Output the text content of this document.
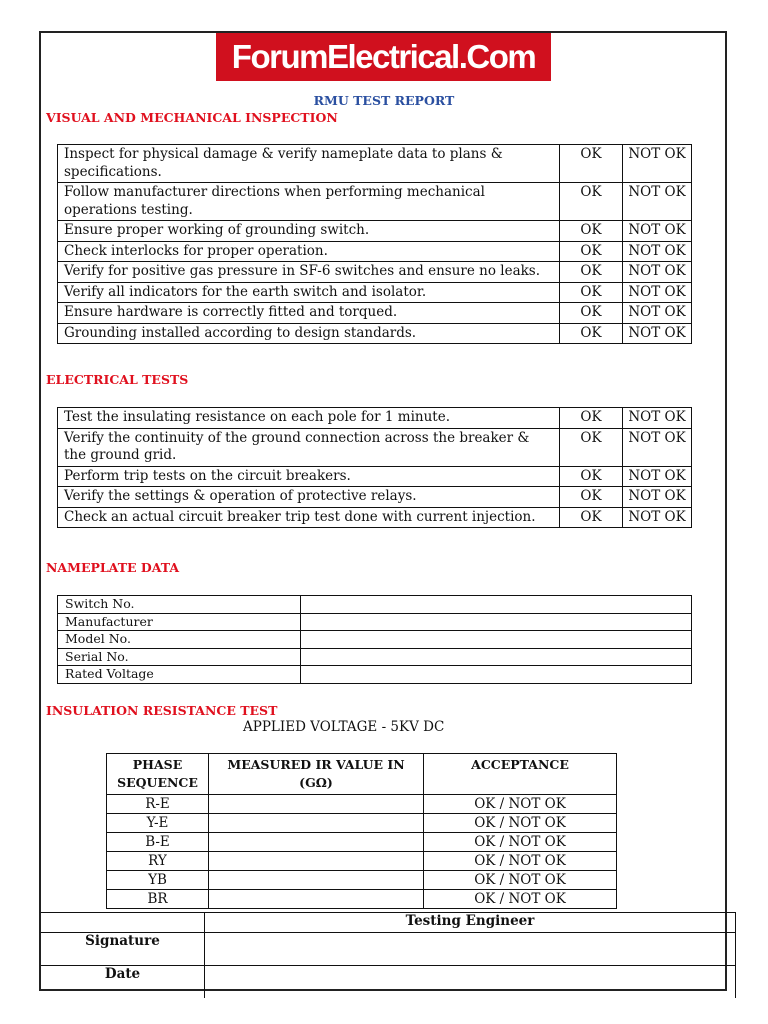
ForumElectrical.Com
RMU TEST REPORT
VISUAL AND MECHANICAL INSPECTION
Inspect for physical damage & verify nameplate data to plans & specifications.	OK	NOT OK
Follow manufacturer directions when performing mechanical operations testing.	OK	NOT OK
Ensure proper working of grounding switch.	OK	NOT OK
Check interlocks for proper operation.	OK	NOT OK
Verify for positive gas pressure in SF-6 switches and ensure no leaks.	OK	NOT OK
Verify all indicators for the earth switch and isolator.	OK	NOT OK
Ensure hardware is correctly fitted and torqued.	OK	NOT OK
Grounding installed according to design standards.	OK	NOT OK
ELECTRICAL TESTS
Test the insulating resistance on each pole for 1 minute.	OK	NOT OK
Verify the continuity of the ground connection across the breaker & the ground grid.	OK	NOT OK
Perform trip tests on the circuit breakers.	OK	NOT OK
Verify the settings & operation of protective relays.	OK	NOT OK
Check an actual circuit breaker trip test done with current injection.	OK	NOT OK
NAMEPLATE DATA
Switch No.	
Manufacturer	
Model No.	
Serial No.	
Rated Voltage	
INSULATION RESISTANCE TEST
APPLIED VOLTAGE - 5KV DC
PHASE SEQUENCE	MEASURED IR VALUE IN (GΩ)	ACCEPTANCE
R-E		OK / NOT OK
Y-E		OK / NOT OK
B-E		OK / NOT OK
RY		OK / NOT OK
YB		OK / NOT OK
BR		OK / NOT OK
	Testing Engineer
Signature	
Date	
